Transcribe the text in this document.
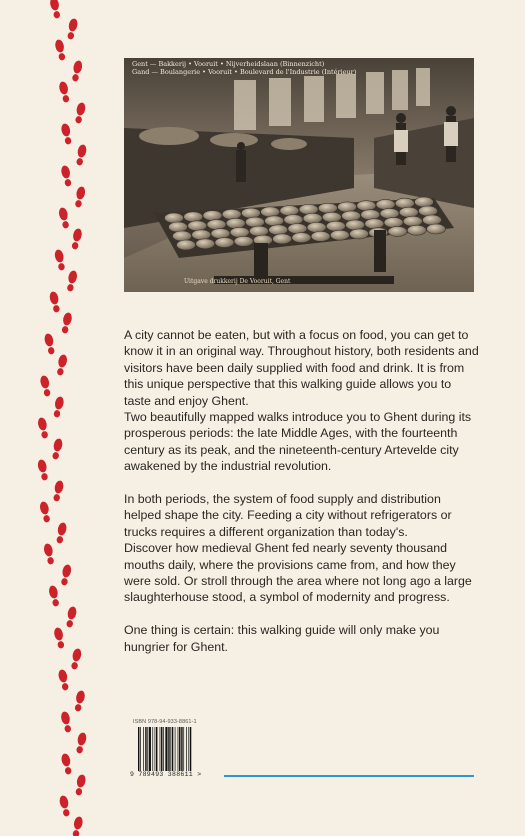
Gent — Bakkerij • Vooruit • Nijverheidslaan (Binnenzicht)
Gand — Boulangerie • Vooruit • Boulevard de l'Industrie (Intérieur)
Uitgave drukkerij De Vooruit, Gent

A city cannot be eaten, but with a focus on food, you can get to know it in an original way. Throughout history, both residents and visitors have been daily supplied with food and drink. It is from this unique perspective that this walking guide allows you to taste and enjoy Ghent.

Two beautifully mapped walks introduce you to Ghent during its prosperous periods: the late Middle Ages, with the fourteenth century as its peak, and the nineteenth-century Artevelde city awakened by the industrial revolution.

In both periods, the system of food supply and distribution helped shape the city. Feeding a city without refrigerators or trucks requires a different organization than today's.

Discover how medieval Ghent fed nearly seventy thousand mouths daily, where the provisions came from, and how they were sold. Or stroll through the area where not long ago a large slaughterhouse stood, a symbol of modernity and progress.

One thing is certain: this walking guide will only make you hungrier for Ghent.

ISBN 978-94-933-8861-1
9 789493 388611 >
